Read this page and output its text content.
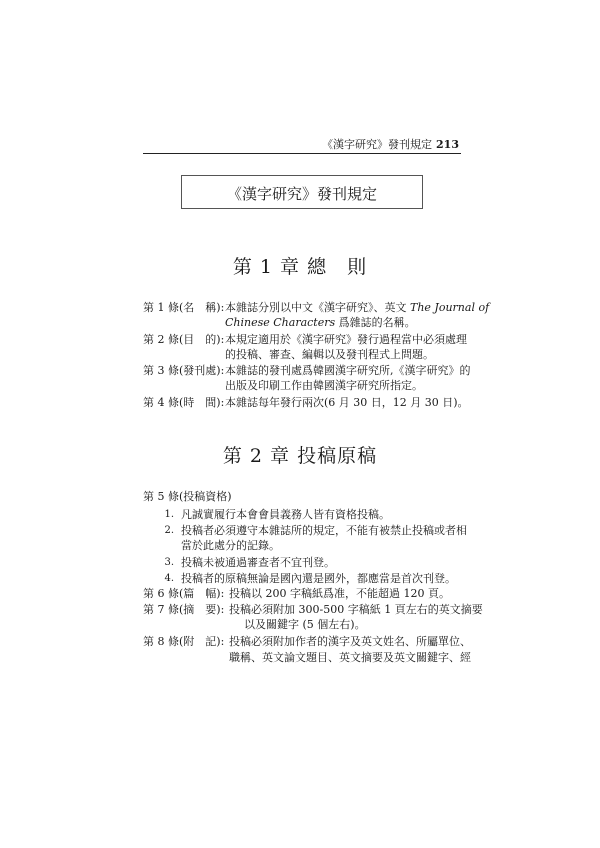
《漢字研究》發刊規定 213
《漢字研究》發刊規定
第 1 章 總　則
第 1 條(名　稱): 本雜誌分別以中文《漢字研究》、英文 The Journal of
Chinese Characters 爲雜誌的名稱。
第 2 條(目　的): 本規定適用於《漢字研究》發行過程當中必須處理
的投稿、審查、編輯以及發刊程式上問題。
第 3 條(發刊處): 本雜誌的發刊處爲韓國漢字研究所,《漢字研究》的
出版及印刷工作由韓國漢字研究所指定。
第 4 條(時　間): 本雜誌每年發行兩次(6 月 30 日，12 月 30 日)。
第 2 章 投稿原稿
第 5 條(投稿資格)
1. 凡誠實履行本會會員義務人皆有資格投稿。
2. 投稿者必須遵守本雜誌所的規定，不能有被禁止投稿或者相
當於此處分的記錄。
3. 投稿未被通過審查者不宜刊登。
4. 投稿者的原稿無論是國內還是國外，都應當是首次刊登。
第 6 條(篇　幅): 投稿以 200 字稿紙爲准，不能超過 120 頁。
第 7 條(摘　要): 投稿必須附加 300-500 字稿紙 1 頁左右的英文摘要
以及關鍵字 (5 個左右)。
第 8 條(附　記): 投稿必須附加作者的漢字及英文姓名、所屬單位、
職稱、英文論文題目、英文摘要及英文關鍵字、經
